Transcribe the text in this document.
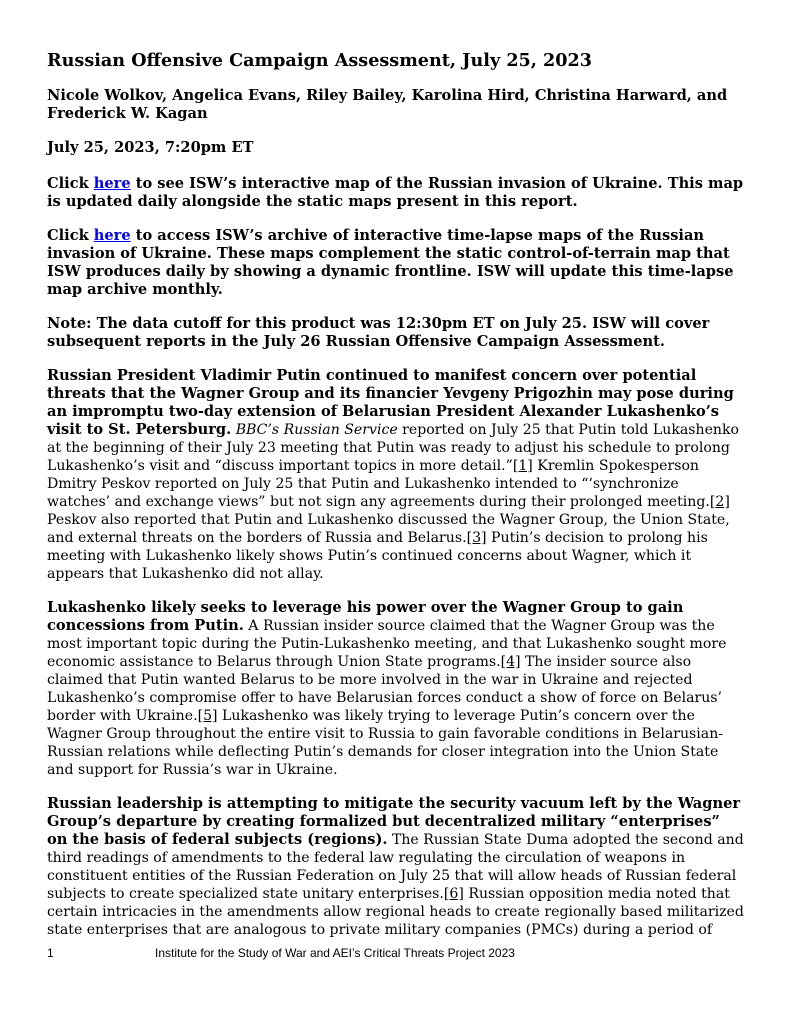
Russian Offensive Campaign Assessment, July 25, 2023
Nicole Wolkov, Angelica Evans, Riley Bailey, Karolina Hird, Christina Harward, and Frederick W. Kagan
July 25, 2023, 7:20pm ET
Click here to see ISW’s interactive map of the Russian invasion of Ukraine. This map is updated daily alongside the static maps present in this report.
Click here to access ISW’s archive of interactive time-lapse maps of the Russian invasion of Ukraine. These maps complement the static control-of-terrain map that ISW produces daily by showing a dynamic frontline. ISW will update this time-lapse map archive monthly.
Note: The data cutoff for this product was 12:30pm ET on July 25. ISW will cover subsequent reports in the July 26 Russian Offensive Campaign Assessment.
Russian President Vladimir Putin continued to manifest concern over potential threats that the Wagner Group and its financier Yevgeny Prigozhin may pose during an impromptu two-day extension of Belarusian President Alexander Lukashenko’s visit to St. Petersburg. BBC’s Russian Service reported on July 25 that Putin told Lukashenko at the beginning of their July 23 meeting that Putin was ready to adjust his schedule to prolong Lukashenko’s visit and “discuss important topics in more detail.”[1] Kremlin Spokesperson Dmitry Peskov reported on July 25 that Putin and Lukashenko intended to “‘synchronize watches’ and exchange views” but not sign any agreements during their prolonged meeting.[2] Peskov also reported that Putin and Lukashenko discussed the Wagner Group, the Union State, and external threats on the borders of Russia and Belarus.[3] Putin’s decision to prolong his meeting with Lukashenko likely shows Putin’s continued concerns about Wagner, which it appears that Lukashenko did not allay.
Lukashenko likely seeks to leverage his power over the Wagner Group to gain concessions from Putin. A Russian insider source claimed that the Wagner Group was the most important topic during the Putin-Lukashenko meeting, and that Lukashenko sought more economic assistance to Belarus through Union State programs.[4] The insider source also claimed that Putin wanted Belarus to be more involved in the war in Ukraine and rejected Lukashenko’s compromise offer to have Belarusian forces conduct a show of force on Belarus’ border with Ukraine.[5] Lukashenko was likely trying to leverage Putin’s concern over the Wagner Group throughout the entire visit to Russia to gain favorable conditions in Belarusian-Russian relations while deflecting Putin’s demands for closer integration into the Union State and support for Russia’s war in Ukraine.
Russian leadership is attempting to mitigate the security vacuum left by the Wagner Group’s departure by creating formalized but decentralized military “enterprises” on the basis of federal subjects (regions). The Russian State Duma adopted the second and third readings of amendments to the federal law regulating the circulation of weapons in constituent entities of the Russian Federation on July 25 that will allow heads of Russian federal subjects to create specialized state unitary enterprises.[6] Russian opposition media noted that certain intricacies in the amendments allow regional heads to create regionally based militarized state enterprises that are analogous to private military companies (PMCs) during a period of
1	Institute for the Study of War and AEI’s Critical Threats Project 2023
